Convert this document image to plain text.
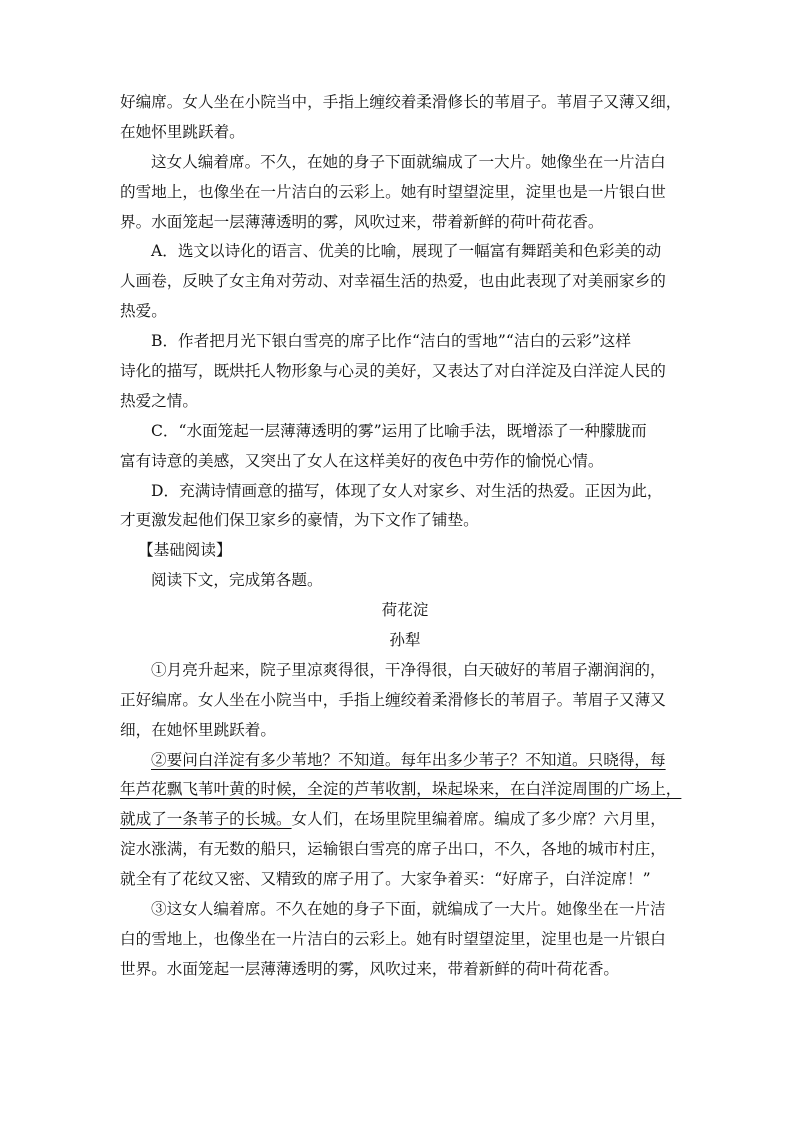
好编席。女人坐在小院当中，手指上缠绞着柔滑修长的苇眉子。苇眉子又薄又细，
在她怀里跳跃着。
这女人编着席。不久，在她的身子下面就编成了一大片。她像坐在一片洁白
的雪地上，也像坐在一片洁白的云彩上。她有时望望淀里，淀里也是一片银白世
界。水面笼起一层薄薄透明的雾，风吹过来，带着新鲜的荷叶荷花香。
A．选文以诗化的语言、优美的比喻，展现了一幅富有舞蹈美和色彩美的动
人画卷，反映了女主角对劳动、对幸福生活的热爱，也由此表现了对美丽家乡的
热爱。
B．作者把月光下银白雪亮的席子比作“洁白的雪地”“洁白的云彩”这样
诗化的描写，既烘托人物形象与心灵的美好，又表达了对白洋淀及白洋淀人民的
热爱之情。
C．“水面笼起一层薄薄透明的雾”运用了比喻手法，既增添了一种朦胧而
富有诗意的美感，又突出了女人在这样美好的夜色中劳作的愉悦心情。
D．充满诗情画意的描写，体现了女人对家乡、对生活的热爱。正因为此，
才更激发起他们保卫家乡的豪情，为下文作了铺垫。
【基础阅读】
阅读下文，完成第各题。
荷花淀
孙犁
①月亮升起来，院子里凉爽得很，干净得很，白天破好的苇眉子潮润润的，
正好编席。女人坐在小院当中，手指上缠绞着柔滑修长的苇眉子。苇眉子又薄又
细，在她怀里跳跃着。
②要问白洋淀有多少苇地？不知道。每年出多少苇子？不知道。只晓得，每
年芦花飘飞苇叶黄的时候，全淀的芦苇收割，垛起垛来，在白洋淀周围的广场上，
就成了一条苇子的长城。女人们，在场里院里编着席。编成了多少席？六月里，
淀水涨满，有无数的船只，运输银白雪亮的席子出口，不久，各地的城市村庄，
就全有了花纹又密、又精致的席子用了。大家争着买：“好席子，白洋淀席！”
③这女人编着席。不久在她的身子下面，就编成了一大片。她像坐在一片洁
白的雪地上，也像坐在一片洁白的云彩上。她有时望望淀里，淀里也是一片银白
世界。水面笼起一层薄薄透明的雾，风吹过来，带着新鲜的荷叶荷花香。
